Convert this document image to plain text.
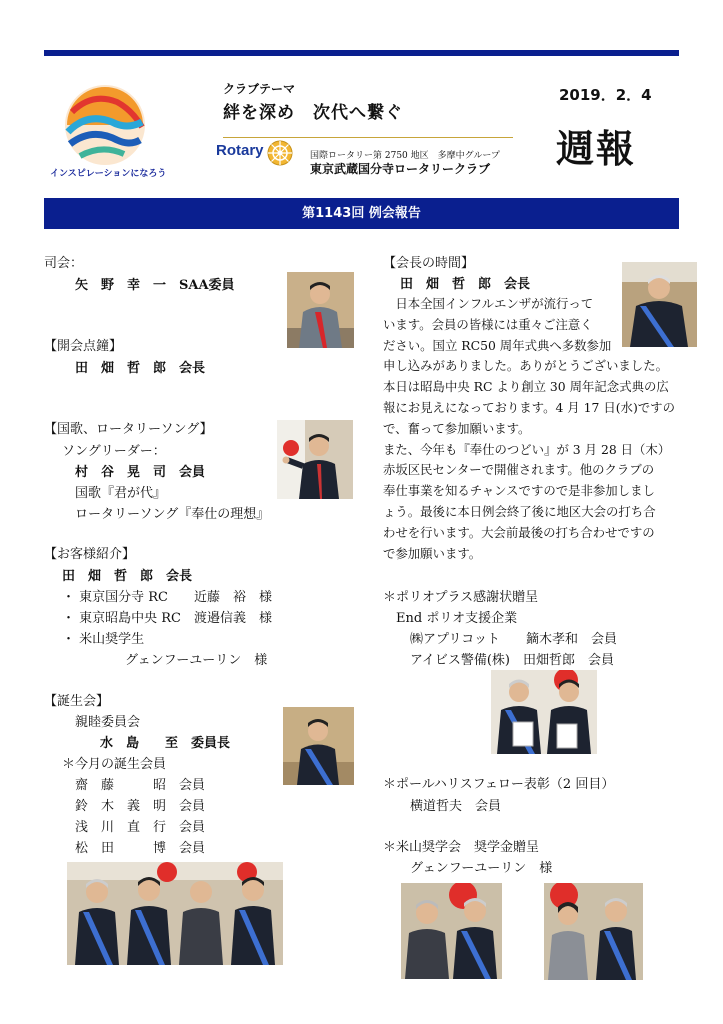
インスピレーションになろう
クラブテーマ
絆を深め　次代へ繋ぐ
Rotary	国際ロータリー第 2750 地区　多摩中グループ
東京武蔵国分寺ロータリークラブ
2019．2．4
週報
第1143回 例会報告
司会：
矢　野　幸　一　SAA委員
【開会点鐘】
田　畑　哲　郎　会長
【国歌、ロータリーソング】
ソングリーダー：
村　谷　晃　司　会員
国歌『君が代』
ロータリーソング『奉仕の理想』
【お客様紹介】
田　畑　哲　郎　会長
・ 東京国分寺 RC　　近藤　裕　様
・ 東京昭島中央 RC　渡邉信義　様
・ 米山奨学生
グェンフーユーリン　様
【誕生会】
親睦委員会
水　島　　至　委員長
＊今月の誕生会員
齋　藤　　　昭　会員
鈴　木　義　明　会員
浅　川　直　行　会員
松　田　　　博　会員
【会長の時間】
田　畑　哲　郎　会長

　日本全国インフルエンザが流行って

います。会員の皆様には重々ご注意く

ださい。国立 RC50 周年式典へ多数参加

申し込みがありました。ありがとうございました。

本日は昭島中央 RC より創立 30 周年記念式典の広

報にお見えになっております。4 月 17 日(水)ですの

で、奮って参加願います。

また、今年も『奉仕のつどい』が 3 月 28 日（木）

赤坂区民センターで開催されます。他のクラブの

奉仕事業を知るチャンスですので是非参加しまし

ょう。最後に本日例会終了後に地区大会の打ち合

わせを行います。大会前最後の打ち合わせですの

で参加願います。

＊ポリオプラス感謝状贈呈
End ポリオ支援企業
㈱アプリコット　　鏑木孝和　会員
アイビス警備(株)　田畑哲郎　会員
＊ポールハリスフェロー表彰（2 回目）
横道哲夫　会員
＊米山奨学会　奨学金贈呈
グェンフーユーリン　様
